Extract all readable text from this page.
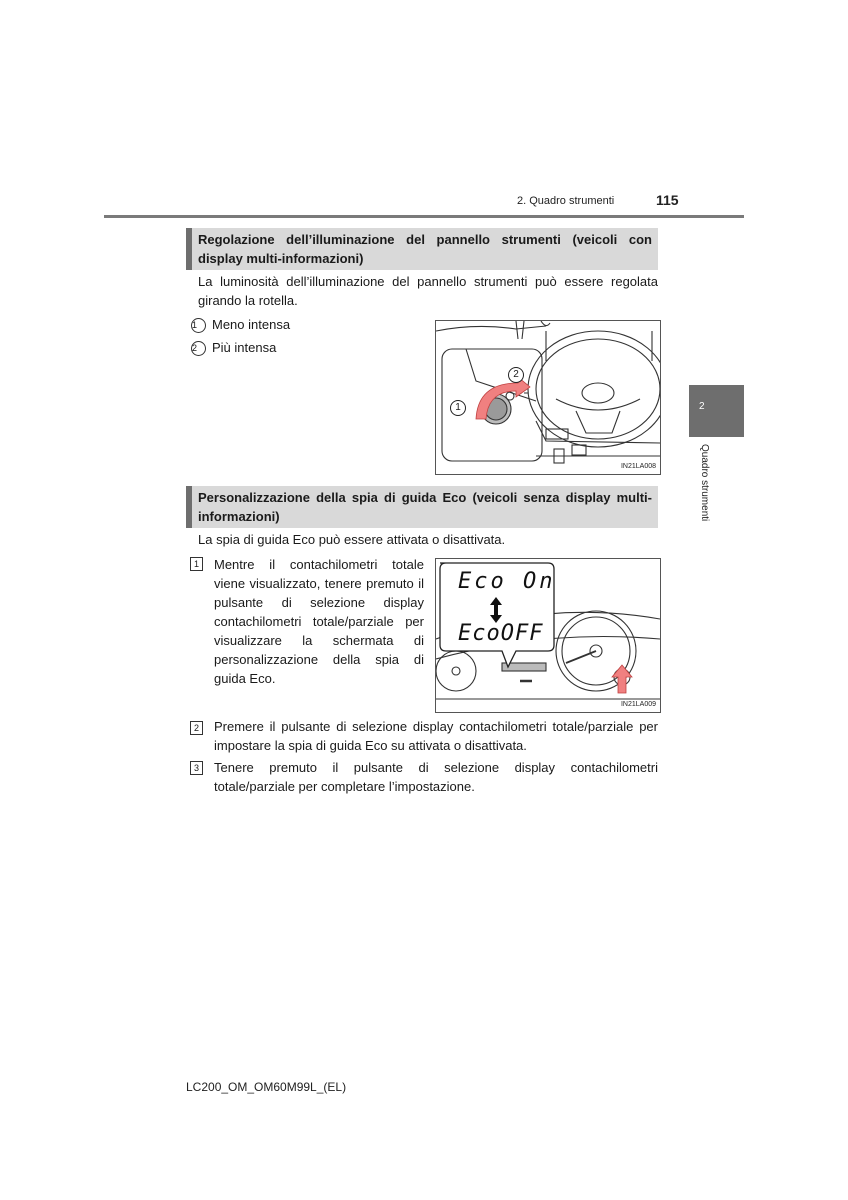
2. Quadro strumenti	115
2
Quadro strumenti
Regolazione dell’illuminazione del pannello strumenti (veicoli con display multi-informazioni)
La luminosità dell’illuminazione del pannello strumenti può essere regolata girando la rotella.
1 Meno intensa
2 Più intensa
1
2
IN21LA008
Personalizzazione della spia di guida Eco (veicoli senza display multi-informazioni)
La spia di guida Eco può essere attivata o disattivata.
1	Mentre il contachilometri totale viene visualizzato, tenere premuto il pulsante di selezione display contachilometri totale/parziale per visualizzare la schermata di personalizzazione della spia di guida Eco.
Eco On
EcoOFF
IN21LA009
2	Premere il pulsante di selezione display contachilometri totale/parziale per impostare la spia di guida Eco su attivata o disattivata.
3	Tenere premuto il pulsante di selezione display contachilometri totale/parziale per completare l’impostazione.
LC200_OM_OM60M99L_(EL)
